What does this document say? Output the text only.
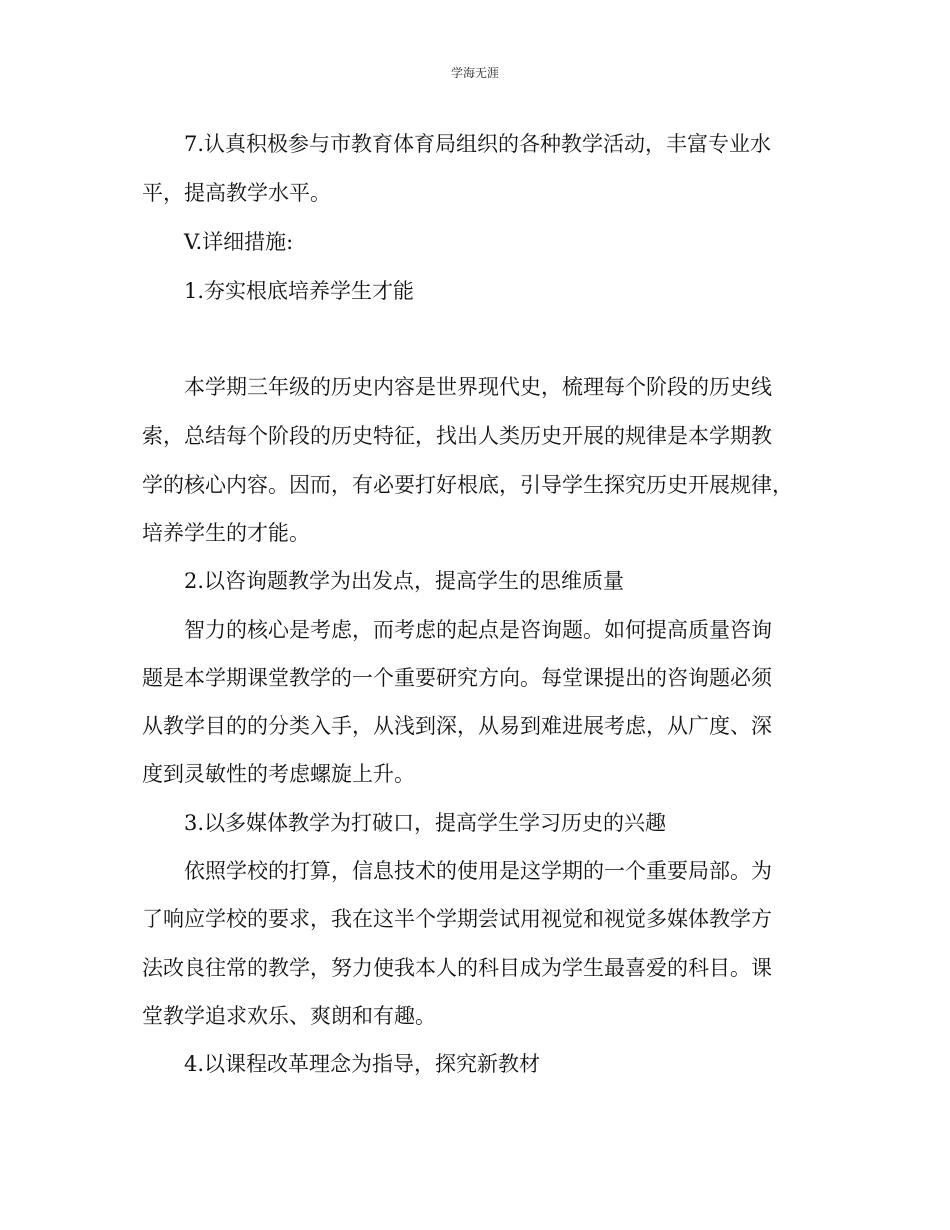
学海无涯
7.认真积极参与市教育体育局组织的各种教学活动，丰富专业水
平，提高教学水平。
V.详细措施:
1.夯实根底培养学生才能
本学期三年级的历史内容是世界现代史，梳理每个阶段的历史线
索，总结每个阶段的历史特征，找出人类历史开展的规律是本学期教
学的核心内容。因而，有必要打好根底，引导学生探究历史开展规律，
培养学生的才能。
2.以咨询题教学为出发点，提高学生的思维质量
智力的核心是考虑，而考虑的起点是咨询题。如何提高质量咨询
题是本学期课堂教学的一个重要研究方向。每堂课提出的咨询题必须
从教学目的的分类入手，从浅到深，从易到难进展考虑，从广度、深
度到灵敏性的考虑螺旋上升。
3.以多媒体教学为打破口，提高学生学习历史的兴趣
依照学校的打算，信息技术的使用是这学期的一个重要局部。为
了响应学校的要求，我在这半个学期尝试用视觉和视觉多媒体教学方
法改良往常的教学，努力使我本人的科目成为学生最喜爱的科目。课
堂教学追求欢乐、爽朗和有趣。
4.以课程改革理念为指导，探究新教材
